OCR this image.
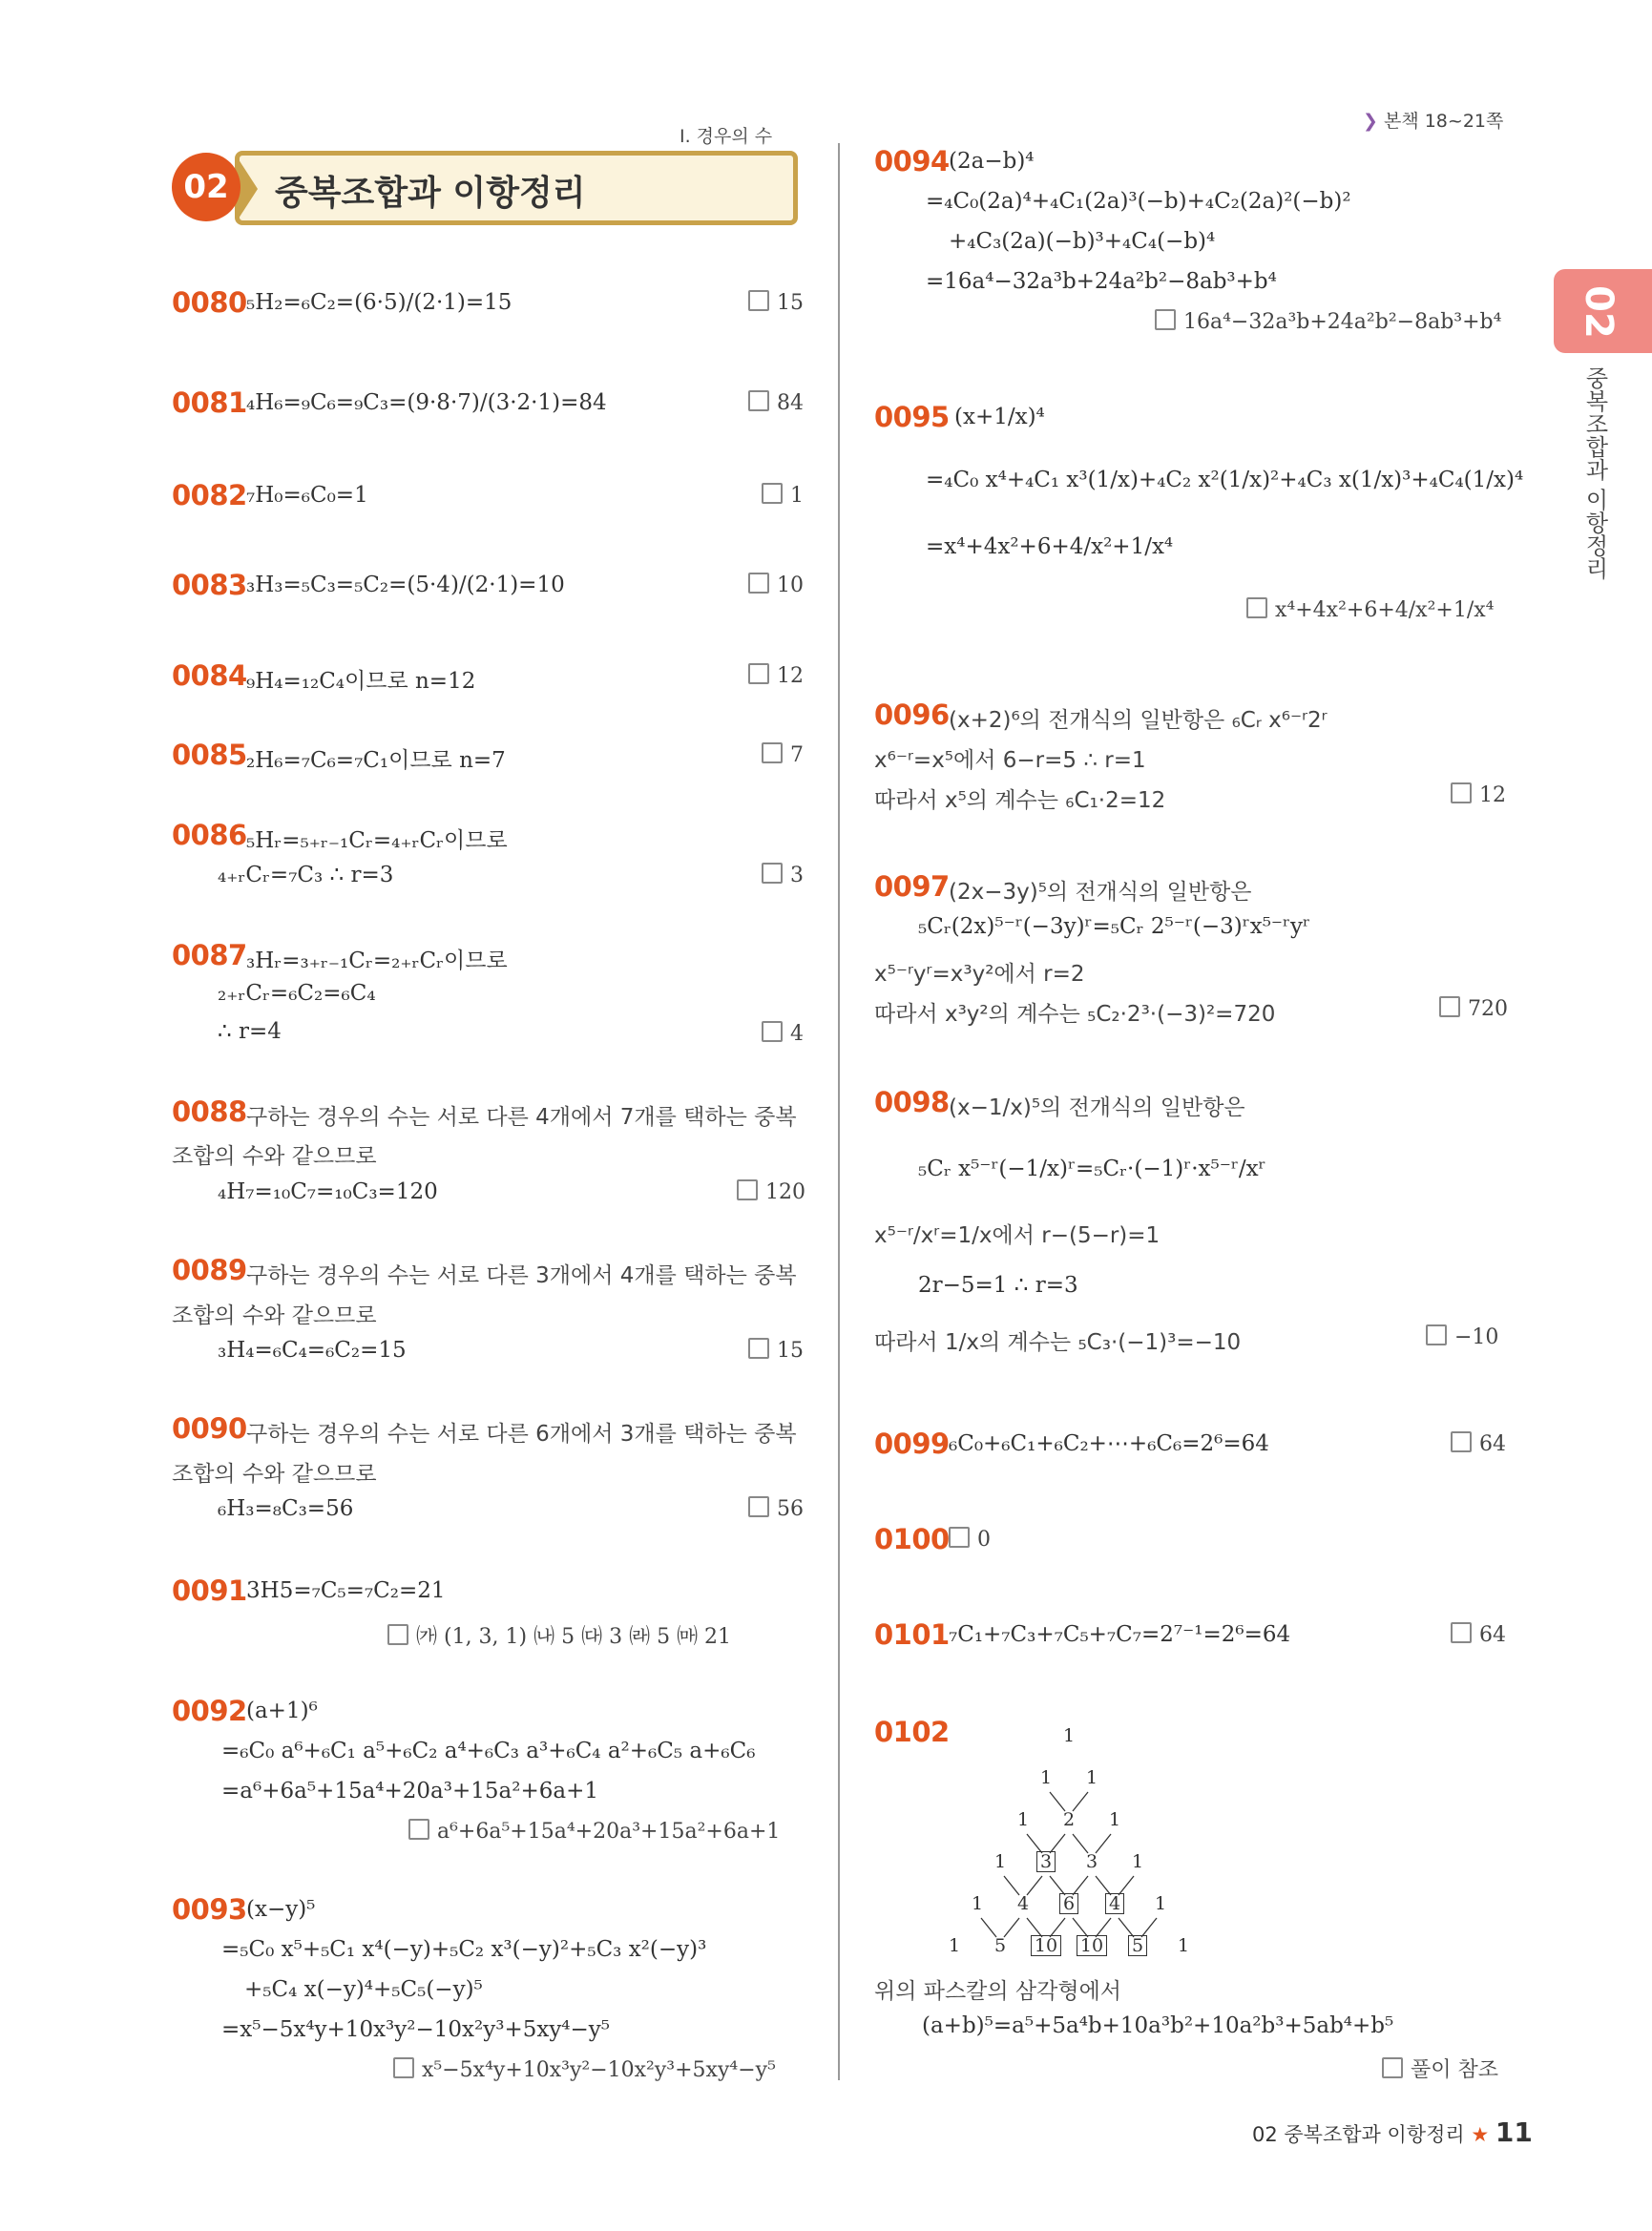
I. 경우의 수
❯ 본책 18~21쪽
02	중복조합과 이항정리
02
중복조합과 이항정리
0080 ₅H₂=₆C₂=(6·5)/(2·1)=15	15
0081 ₄H₆=₉C₆=₉C₃=(9·8·7)/(3·2·1)=84	84
0082 ₇H₀=₆C₀=1	1
0083 ₃H₃=₅C₃=₅C₂=(5·4)/(2·1)=10	10
0084 ₉H₄=₁₂C₄이므로 n=12	12
0085 ₂H₆=₇C₆=₇C₁이므로 n=7	7
0086 ₅Hᵣ=₅₊ᵣ₋₁Cᵣ=₄₊ᵣCᵣ이므로
₄₊ᵣCᵣ=₇C₃ ∴ r=3	3
0087 ₃Hᵣ=₃₊ᵣ₋₁Cᵣ=₂₊ᵣCᵣ이므로
₂₊ᵣCᵣ=₆C₂=₆C₄
∴ r=4	4
0088 구하는 경우의 수는 서로 다른 4개에서 7개를 택하는 중복
조합의 수와 같으므로
₄H₇=₁₀C₇=₁₀C₃=120	120
0089 구하는 경우의 수는 서로 다른 3개에서 4개를 택하는 중복
조합의 수와 같으므로
₃H₄=₆C₄=₆C₂=15	15
0090 구하는 경우의 수는 서로 다른 6개에서 3개를 택하는 중복
조합의 수와 같으므로
₆H₃=₈C₃=56	56
0091 3H5=₇C₅=₇C₂=21
㈎ (1, 3, 1) ㈏ 5 ㈐ 3 ㈑ 5 ㈒ 21
0092 (a+1)⁶
=₆C₀ a⁶+₆C₁ a⁵+₆C₂ a⁴+₆C₃ a³+₆C₄ a²+₆C₅ a+₆C₆
=a⁶+6a⁵+15a⁴+20a³+15a²+6a+1
a⁶+6a⁵+15a⁴+20a³+15a²+6a+1
0093 (x−y)⁵
=₅C₀ x⁵+₅C₁ x⁴(−y)+₅C₂ x³(−y)²+₅C₃ x²(−y)³
+₅C₄ x(−y)⁴+₅C₅(−y)⁵
=x⁵−5x⁴y+10x³y²−10x²y³+5xy⁴−y⁵
x⁵−5x⁴y+10x³y²−10x²y³+5xy⁴−y⁵
0094 (2a−b)⁴
=₄C₀(2a)⁴+₄C₁(2a)³(−b)+₄C₂(2a)²(−b)²
+₄C₃(2a)(−b)³+₄C₄(−b)⁴
=16a⁴−32a³b+24a²b²−8ab³+b⁴
16a⁴−32a³b+24a²b²−8ab³+b⁴
0095 (x+1/x)⁴
=₄C₀ x⁴+₄C₁ x³(1/x)+₄C₂ x²(1/x)²+₄C₃ x(1/x)³+₄C₄(1/x)⁴
=x⁴+4x²+6+4/x²+1/x⁴
x⁴+4x²+6+4/x²+1/x⁴
0096 (x+2)⁶의 전개식의 일반항은 ₆Cᵣ x⁶⁻ʳ2ʳ
x⁶⁻ʳ=x⁵에서 6−r=5 ∴ r=1
따라서 x⁵의 계수는 ₆C₁·2=12	12
0097 (2x−3y)⁵의 전개식의 일반항은
₅Cᵣ(2x)⁵⁻ʳ(−3y)ʳ=₅Cᵣ 2⁵⁻ʳ(−3)ʳx⁵⁻ʳyʳ
x⁵⁻ʳyʳ=x³y²에서 r=2
따라서 x³y²의 계수는 ₅C₂·2³·(−3)²=720	720
0098 (x−1/x)⁵의 전개식의 일반항은
₅Cᵣ x⁵⁻ʳ(−1/x)ʳ=₅Cᵣ·(−1)ʳ·x⁵⁻ʳ/xʳ
x⁵⁻ʳ/xʳ=1/x에서 r−(5−r)=1
2r−5=1 ∴ r=3
따라서 1/x의 계수는 ₅C₃·(−1)³=−10	−10
0099 ₆C₀+₆C₁+₆C₂+⋯+₆C₆=2⁶=64	64
0100	0
0101 ₇C₁+₇C₃+₇C₅+₇C₇=2⁷⁻¹=2⁶=64	64
0102	1
1	1
1	2	1
1	3	3	1
1	4	6	4	1
1	5	10	10	5	1
위의 파스칼의 삼각형에서
(a+b)⁵=a⁵+5a⁴b+10a³b²+10a²b³+5ab⁴+b⁵
풀이 참조
02 중복조합과 이항정리 ★ 11
